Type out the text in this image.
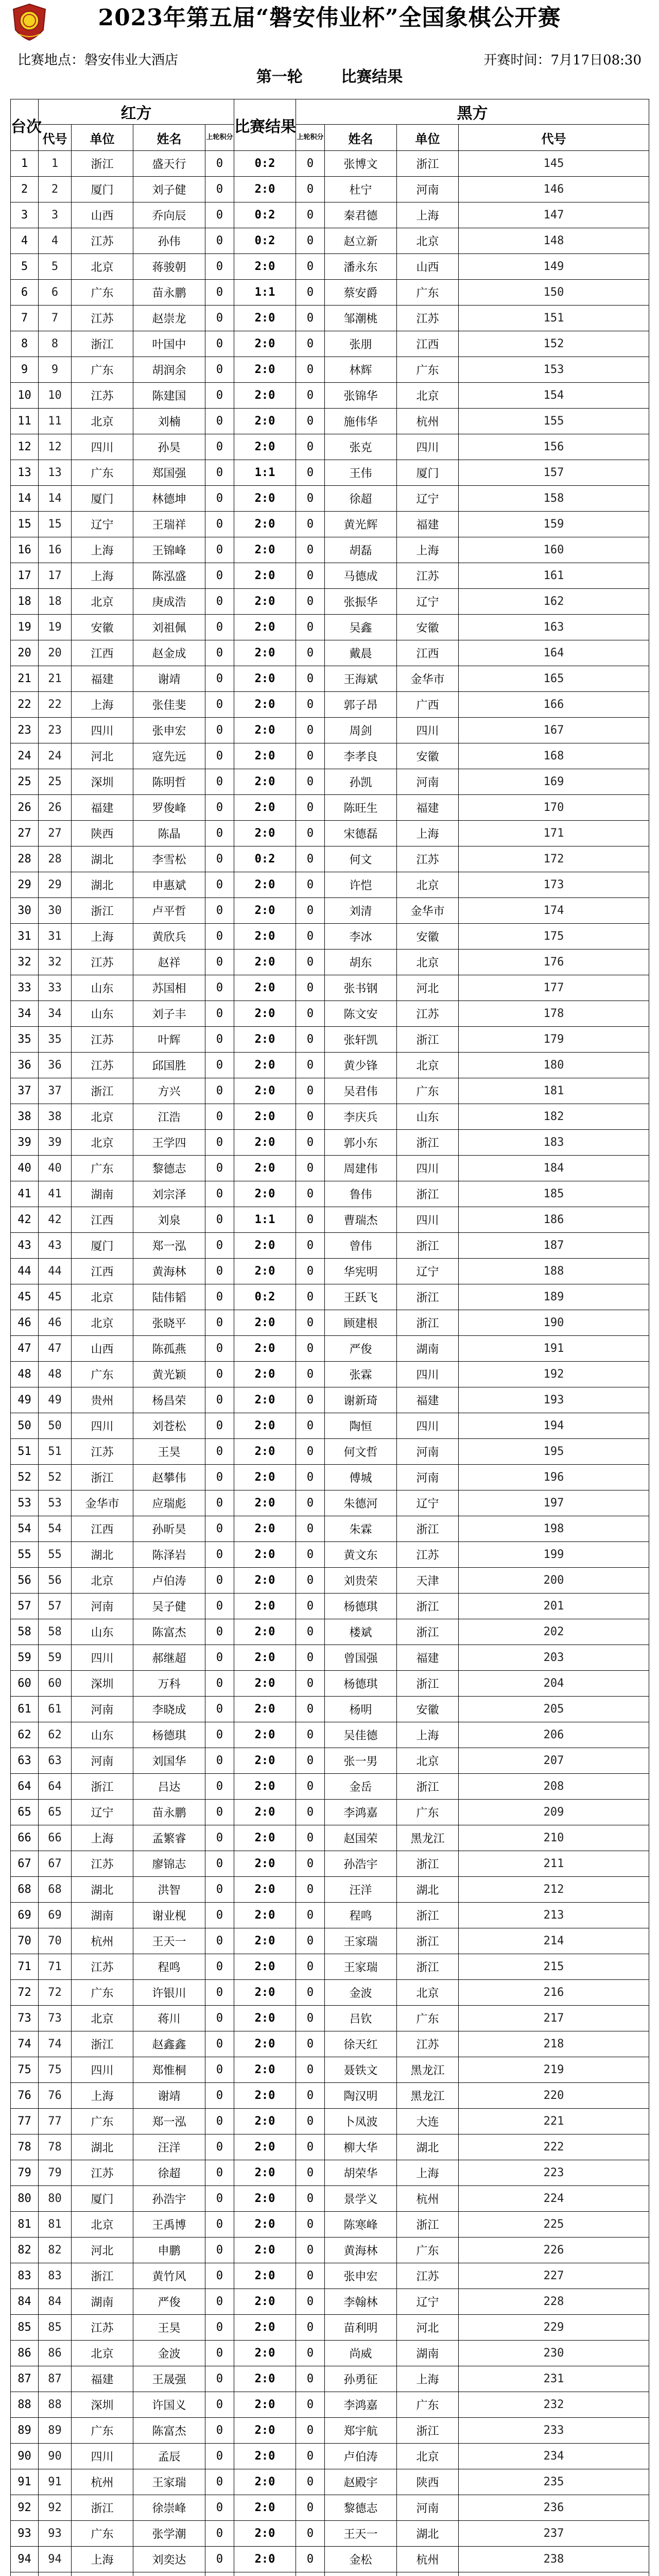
2023年第五届“磐安伟业杯”全国象棋公开赛
比赛地点：磐安伟业大酒店	开赛时间：7月17日08:30
第一轮 比赛结果
台次	红方				比赛结果	黑方			
	代号	单位	姓名	上轮积分		上轮积分	姓名	单位	代号
1	1	浙江	盛天行	0	0:2	0	张博文	浙江	145
2	2	厦门	刘子健	0	2:0	0	杜宁	河南	146
3	3	山西	乔向辰	0	0:2	0	秦君德	上海	147
4	4	江苏	孙伟	0	0:2	0	赵立新	北京	148
5	5	北京	蒋骏朝	0	2:0	0	潘永东	山西	149
6	6	广东	苗永鹏	0	1:1	0	蔡安爵	广东	150
7	7	江苏	赵崇龙	0	2:0	0	邹潮桃	江苏	151
8	8	浙江	叶国中	0	2:0	0	张朋	江西	152
9	9	广东	胡润余	0	2:0	0	林辉	广东	153
10	10	江苏	陈建国	0	2:0	0	张锦华	北京	154
11	11	北京	刘楠	0	2:0	0	施伟华	杭州	155
12	12	四川	孙昊	0	2:0	0	张克	四川	156
13	13	广东	郑国强	0	1:1	0	王伟	厦门	157
14	14	厦门	林德坤	0	2:0	0	徐超	辽宁	158
15	15	辽宁	王瑞祥	0	2:0	0	黄光辉	福建	159
16	16	上海	王锦峰	0	2:0	0	胡磊	上海	160
17	17	上海	陈泓盛	0	2:0	0	马德成	江苏	161
18	18	北京	庚成浩	0	2:0	0	张振华	辽宁	162
19	19	安徽	刘祖佩	0	2:0	0	吴鑫	安徽	163
20	20	江西	赵金成	0	2:0	0	戴晨	江西	164
21	21	福建	谢靖	0	2:0	0	王海斌	金华市	165
22	22	上海	张佳斐	0	2:0	0	郭子昂	广西	166
23	23	四川	张申宏	0	2:0	0	周剑	四川	167
24	24	河北	寇先远	0	2:0	0	李孝良	安徽	168
25	25	深圳	陈明哲	0	2:0	0	孙凯	河南	169
26	26	福建	罗俊峰	0	2:0	0	陈旺生	福建	170
27	27	陕西	陈晶	0	2:0	0	宋德磊	上海	171
28	28	湖北	李雪松	0	0:2	0	何文	江苏	172
29	29	湖北	申惠斌	0	2:0	0	许恺	北京	173
30	30	浙江	卢平哲	0	2:0	0	刘清	金华市	174
31	31	上海	黄欣兵	0	2:0	0	李冰	安徽	175
32	32	江苏	赵祥	0	2:0	0	胡东	北京	176
33	33	山东	苏国相	0	2:0	0	张书钢	河北	177
34	34	山东	刘子丰	0	2:0	0	陈文安	江苏	178
35	35	江苏	叶辉	0	2:0	0	张轩凯	浙江	179
36	36	江苏	邱国胜	0	2:0	0	黄少锋	北京	180
37	37	浙江	方兴	0	2:0	0	吴君伟	广东	181
38	38	北京	江浩	0	2:0	0	李庆兵	山东	182
39	39	北京	王学四	0	2:0	0	郭小东	浙江	183
40	40	广东	黎德志	0	2:0	0	周建伟	四川	184
41	41	湖南	刘宗泽	0	2:0	0	鲁伟	浙江	185
42	42	江西	刘泉	0	1:1	0	曹瑞杰	四川	186
43	43	厦门	郑一泓	0	2:0	0	曾伟	浙江	187
44	44	江西	黄海林	0	2:0	0	华宪明	辽宁	188
45	45	北京	陆伟韬	0	0:2	0	王跃飞	浙江	189
46	46	北京	张晓平	0	2:0	0	顾建根	浙江	190
47	47	山西	陈孤燕	0	2:0	0	严俊	湖南	191
48	48	广东	黄光颖	0	2:0	0	张霖	四川	192
49	49	贵州	杨昌荣	0	2:0	0	谢新琦	福建	193
50	50	四川	刘苍松	0	2:0	0	陶恒	四川	194
51	51	江苏	王昊	0	2:0	0	何文哲	河南	195
52	52	浙江	赵攀伟	0	2:0	0	傅城	河南	196
53	53	金华市	应瑞彪	0	2:0	0	朱德河	辽宁	197
54	54	江西	孙昕昊	0	2:0	0	朱霖	浙江	198
55	55	湖北	陈泽岩	0	2:0	0	黄文东	江苏	199
56	56	北京	卢伯涛	0	2:0	0	刘贵荣	天津	200
57	57	河南	吴子健	0	2:0	0	杨德琪	浙江	201
58	58	山东	陈富杰	0	2:0	0	楼斌	浙江	202
59	59	四川	郝继超	0	2:0	0	曾国强	福建	203
60	60	深圳	万科	0	2:0	0	杨德琪	浙江	204
61	61	河南	李晓成	0	2:0	0	杨明	安徽	205
62	62	山东	杨德琪	0	2:0	0	吴佳德	上海	206
63	63	河南	刘国华	0	2:0	0	张一男	北京	207
64	64	浙江	吕达	0	2:0	0	金岳	浙江	208
65	65	辽宁	苗永鹏	0	2:0	0	李鸿嘉	广东	209
66	66	上海	孟繁睿	0	2:0	0	赵国荣	黑龙江	210
67	67	江苏	廖锦志	0	2:0	0	孙浩宇	浙江	211
68	68	湖北	洪智	0	2:0	0	汪洋	湖北	212
69	69	湖南	谢业枧	0	2:0	0	程鸣	浙江	213
70	70	杭州	王天一	0	2:0	0	王家瑞	浙江	214
71	71	江苏	程鸣	0	2:0	0	王家瑞	浙江	215
72	72	广东	许银川	0	2:0	0	金波	北京	216
73	73	北京	蒋川	0	2:0	0	吕钦	广东	217
74	74	浙江	赵鑫鑫	0	2:0	0	徐天红	江苏	218
75	75	四川	郑惟桐	0	2:0	0	聂铁文	黑龙江	219
76	76	上海	谢靖	0	2:0	0	陶汉明	黑龙江	220
77	77	广东	郑一泓	0	2:0	0	卜凤波	大连	221
78	78	湖北	汪洋	0	2:0	0	柳大华	湖北	222
79	79	江苏	徐超	0	2:0	0	胡荣华	上海	223
80	80	厦门	孙浩宇	0	2:0	0	景学义	杭州	224
81	81	北京	王禹博	0	2:0	0	陈寒峰	浙江	225
82	82	河北	申鹏	0	2:0	0	黄海林	广东	226
83	83	浙江	黄竹风	0	2:0	0	张申宏	江苏	227
84	84	湖南	严俊	0	2:0	0	李翰林	辽宁	228
85	85	江苏	王昊	0	2:0	0	苗利明	河北	229
86	86	北京	金波	0	2:0	0	尚威	湖南	230
87	87	福建	王晟强	0	2:0	0	孙勇征	上海	231
88	88	深圳	许国义	0	2:0	0	李鸿嘉	广东	232
89	89	广东	陈富杰	0	2:0	0	郑宇航	浙江	233
90	90	四川	孟辰	0	2:0	0	卢伯涛	北京	234
91	91	杭州	王家瑞	0	2:0	0	赵殿宇	陕西	235
92	92	浙江	徐崇峰	0	2:0	0	黎德志	河南	236
93	93	广东	张学潮	0	2:0	0	王天一	湖北	237
94	94	上海	刘奕达	0	2:0	0	金松	杭州	238
